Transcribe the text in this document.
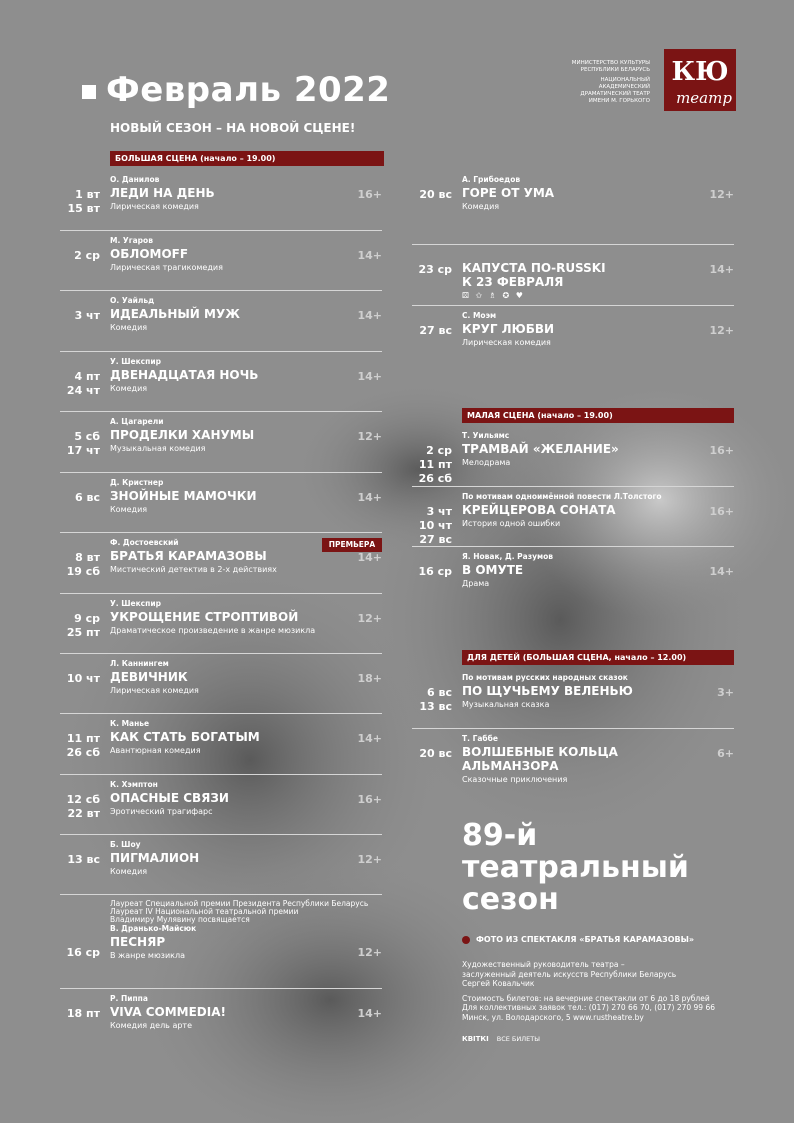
Февраль 2022
НОВЫЙ СЕЗОН – НА НОВОЙ СЦЕНЕ!
МИНИСТЕРСТВО КУЛЬТУРЫ
РЕСПУБЛИКИ БЕЛАРУСЬ
НАЦИОНАЛЬНЫЙ
АКАДЕМИЧЕСКИЙ
ДРАМАТИЧЕСКИЙ ТЕАТР
ИМЕНИ М. ГОРЬКОГО
КЮ
театр
БОЛЬШАЯ СЦЕНА (начало – 19.00)
МАЛАЯ СЦЕНА (начало – 19.00)
ДЛЯ ДЕТЕЙ (БОЛЬШАЯ СЦЕНА, начало – 12.00)
ПРЕМЬЕРА
1 вт
15 вт
О. Данилов
ЛЕДИ НА ДЕНЬ
Лирическая комедия
16+
2 ср
М. Угаров
ОБЛОМOFF
Лирическая трагикомедия
14+
3 чт
О. Уайльд
ИДЕАЛЬНЫЙ МУЖ
Комедия
14+
4 пт
24 чт
У. Шекспир
ДВЕНАДЦАТАЯ НОЧЬ
Комедия
14+
5 сб
17 чт
А. Цагарели
ПРОДЕЛКИ ХАНУМЫ
Музыкальная комедия
12+
6 вс
Д. Кристнер
ЗНОЙНЫЕ МАМОЧКИ
Комедия
14+
8 вт
19 сб
Ф. Достоевский
БРАТЬЯ КАРАМАЗОВЫ
Мистический детектив в 2-х действиях
14+
9 ср
25 пт
У. Шекспир
УКРОЩЕНИЕ СТРОПТИВОЙ
Драматическое произведение в жанре мюзикла
12+
10 чт
Л. Каннингем
ДЕВИЧНИК
Лирическая комедия
18+
11 пт
26 сб
К. Манье
КАК СТАТЬ БОГАТЫМ
Авантюрная комедия
14+
12 сб
22 вт
К. Хэмптон
ОПАСНЫЕ СВЯЗИ
Эротический трагифарс
16+
13 вс
Б. Шоу
ПИГМАЛИОН
Комедия
12+
16 ср
Лауреат Специальной премии Президента Республики Беларусь
Лауреат IV Национальной театральной премии
Владимиру Мулявину посвящается
В. Дранько-Майсюк
ПЕСНЯР
В жанре мюзикла	12+
18 пт
Р. Пиппа
VIVA COMMEDIA!
Комедия дель арте
14+
20 вс
А. Грибоедов
ГОРЕ ОТ УМА
Комедия
12+
23 ср КАПУСТА ПО-RUSSKI
К 23 ФЕВРАЛЯ
⚄ ✩ ♗ ✪ ♥
14+
27 вс
С. Моэм
КРУГ ЛЮБВИ
Лирическая комедия
12+
2 ср
11 пт
26 сб
Т. Уильямс
ТРАМВАЙ «ЖЕЛАНИЕ»
Мелодрама
16+
3 чт
10 чт
27 вс
По мотивам одноимённой повести Л.Толстого
КРЕЙЦЕРОВА СОНАТА
История одной ошибки
16+
16 ср
Я. Новак, Д. Разумов
В ОМУТЕ
Драма
14+
6 вс
13 вс
По мотивам русских народных сказок
ПО ЩУЧЬЕМУ ВЕЛЕНЬЮ
Музыкальная сказка
3+
20 вс
Т. Габбе
ВОЛШЕБНЫЕ КОЛЬЦА
АЛЬМАНЗОРА
Сказочные приключения
6+
89-й
театральный
сезон
ФОТО ИЗ СПЕКТАКЛЯ «БРАТЬЯ КАРАМАЗОВЫ»
Художественный руководитель театра –
заслуженный деятель искусств Республики Беларусь
Сергей Ковальчик
Стоимость билетов: на вечерние спектакли от 6 до 18 рублей
Для коллективных заявок тел.: (017) 270 66 70, (017) 270 99 66
Минск, ул. Володарского, 5 www.rustheatre.by
КВІТКІ ВСЕ БИЛЕТЫ
